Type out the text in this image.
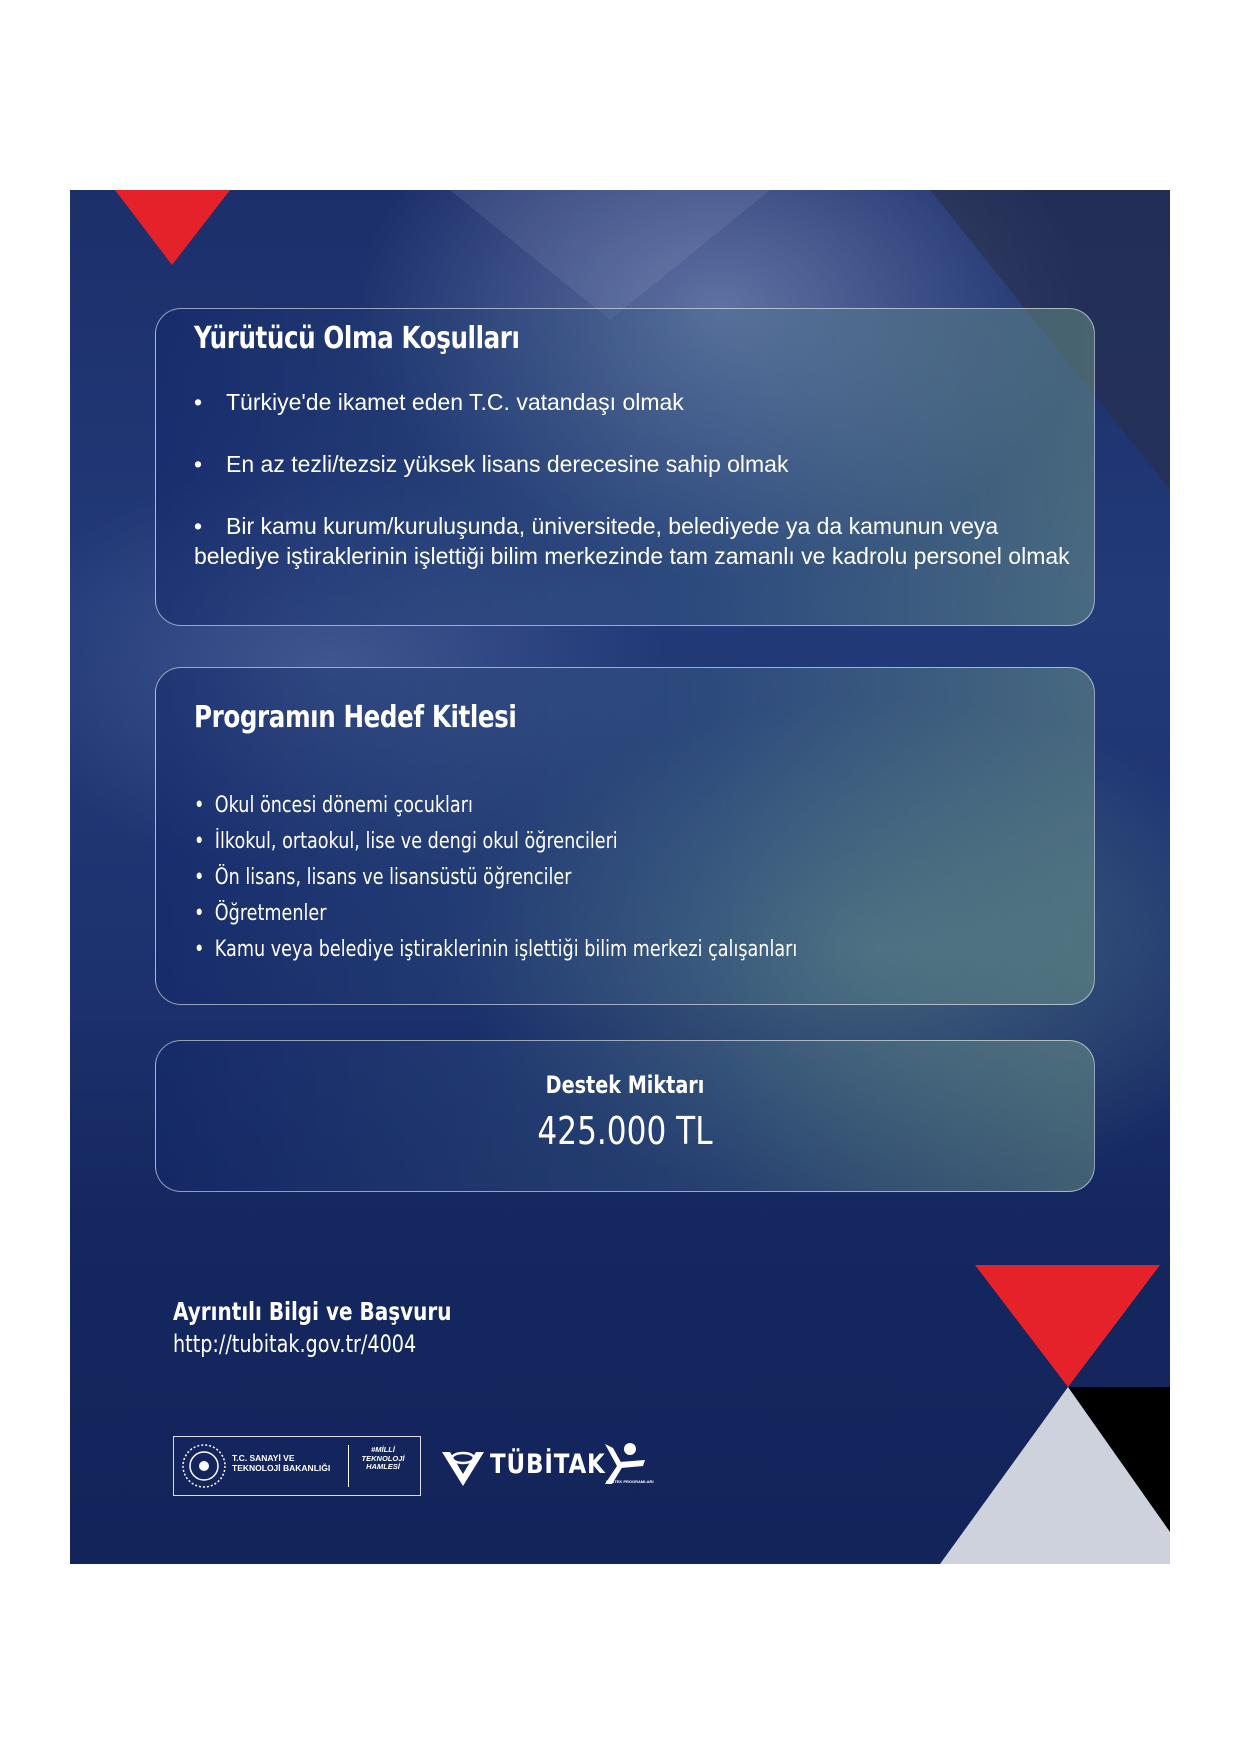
Yürütücü Olma Koşulları
• Türkiye'de ikamet eden T.C. vatandaşı olmak
• En az tezli/tezsiz yüksek lisans derecesine sahip olmak
• Bir kamu kurum/kuruluşunda, üniversitede, belediyede ya da kamunun veya belediye iştiraklerinin işlettiği bilim merkezinde tam zamanlı ve kadrolu personel olmak
Programın Hedef Kitlesi
• Okul öncesi dönemi çocukları
• İlkokul, ortaokul, lise ve dengi okul öğrencileri
• Ön lisans, lisans ve lisansüstü öğrenciler
• Öğretmenler
• Kamu veya belediye iştiraklerinin işlettiği bilim merkezi çalışanları
Destek Miktarı
425.000 TL
Ayrıntılı Bilgi ve Başvuru
http://tubitak.gov.tr/4004
T.C. SANAYİ VE TEKNOLOJİ BAKANLIĞI
#MİLLİ TEKNOLOJİ HAMLESİ	TÜBİTAK
DESTEK PROGRAMLARI
